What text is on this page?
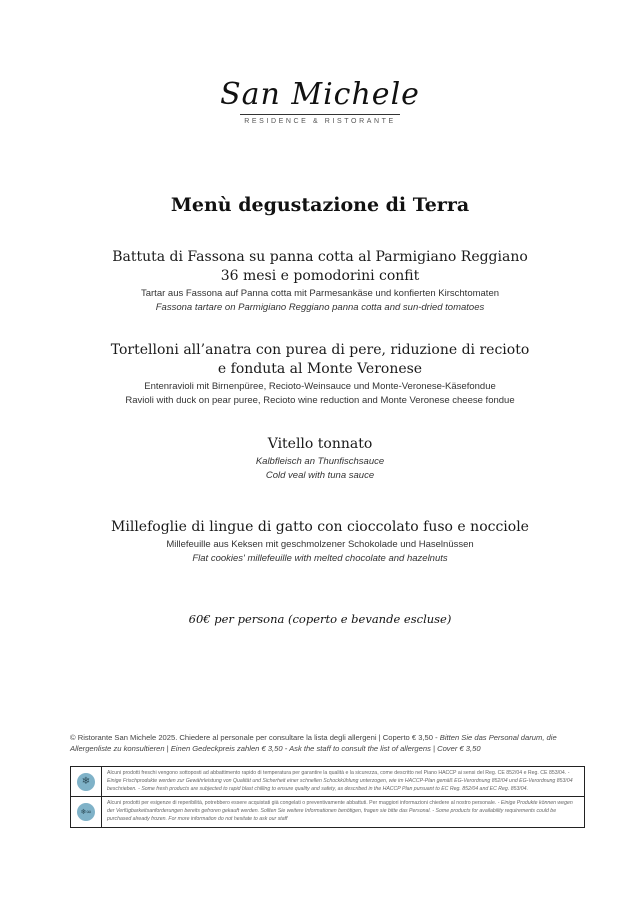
San Michele
RESIDENCE & RISTORANTE
Menù degustazione di Terra
Battuta di Fassona su panna cotta al Parmigiano Reggiano
36 mesi e pomodorini confit
Tartar aus Fassona auf Panna cotta mit Parmesankäse und konfierten Kirschtomaten
Fassona tartare on Parmigiano Reggiano panna cotta and sun-dried tomatoes
Tortelloni all’anatra con purea di pere, riduzione di recioto
e fonduta al Monte Veronese
Entenravioli mit Birnenpüree, Recioto-Weinsauce und Monte-Veronese-Käsefondue
Ravioli with duck on pear puree, Recioto wine reduction and Monte Veronese cheese fondue
Vitello tonnato
Kalbfleisch an Thunfischsauce
Cold veal with tuna sauce
Millefoglie di lingue di gatto con cioccolato fuso e nocciole
Millefeuille aus Keksen mit geschmolzener Schokolade und Haselnüssen
Flat cookies' millefeuille with melted chocolate and hazelnuts
60€ per persona (coperto e bevande escluse)
© Ristorante San Michele 2025. Chiedere al personale per consultare la lista degli allergeni | Coperto € 3,50 - Bitten Sie das Personal darum, die Allergenliste zu konsultieren | Einen Gedeckpreis zahlen € 3,50 - Ask the staff to consult the list of allergens | Cover € 3,50
❄	Alcuni prodotti freschi vengono sottoposti ad abbattimento rapido di temperatura per garantire la qualità e la sicurezza, come descritto nel Piano HACCP ai sensi del Reg. CE 852/04 e Reg. CE 853/04. - Einige Frischprodukte werden zur Gewährleistung von Qualität und Sicherheit einer schnellen Schockkühlung unterzogen, wie im HACCP-Plan gemäß EG-Verordnung 852/04 und EG-Verordnung 853/04 beschrieben. - Some fresh products are subjected to rapid blast chilling to ensure quality and safety, as described in the HACCP Plan pursuant to EC Reg. 852/04 and EC Reg. 853/04.

❄∞	Alcuni prodotti per esigenze di reperibilità, potrebbero essere acquistati già congelati o preventivamente abbattuti. Per maggiori informazioni chiedere al nostro personale. - Einige Produkte können wegen der Verfügbarkeitsanforderungen bereits gefroren gekauft werden. Sollten Sie weitere Informationen benötigen, fragen sie bitte das Personal. - Some products for availability requirements could be purchased already frozen. For more information do not hesitate to ask our staff
